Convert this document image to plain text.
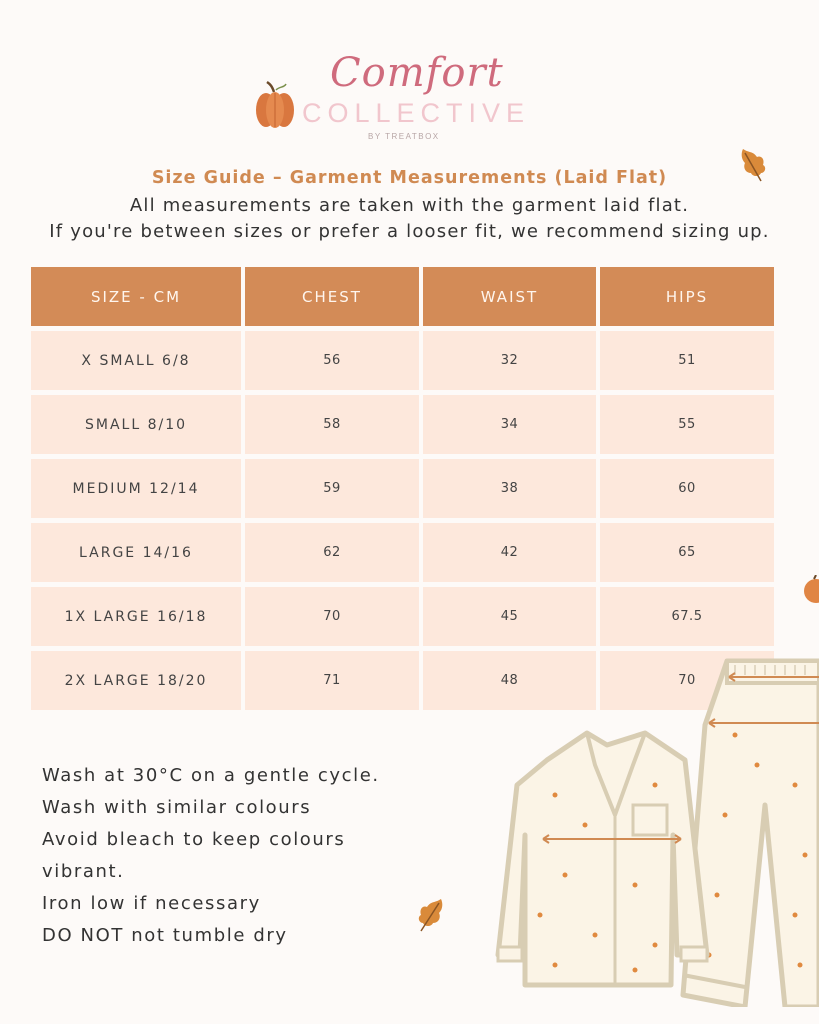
Comfort
COLLECTIVE
BY TREATBOX
Size Guide – Garment Measurements (Laid Flat)
All measurements are taken with the garment laid flat.
If you're between sizes or prefer a looser fit, we recommend sizing up.
SIZE - CM	CHEST	WAIST	HIPS
X SMALL 6/8	56	32	51
SMALL 8/10	58	34	55
MEDIUM 12/14	59	38	60
LARGE 14/16	62	42	65
1X LARGE 16/18	70	45	67.5
2X LARGE 18/20	71	48	70
Wash at 30°C on a gentle cycle.
Wash with similar colours
Avoid bleach to keep colours
vibrant.
Iron low if necessary
DO NOT not tumble dry
